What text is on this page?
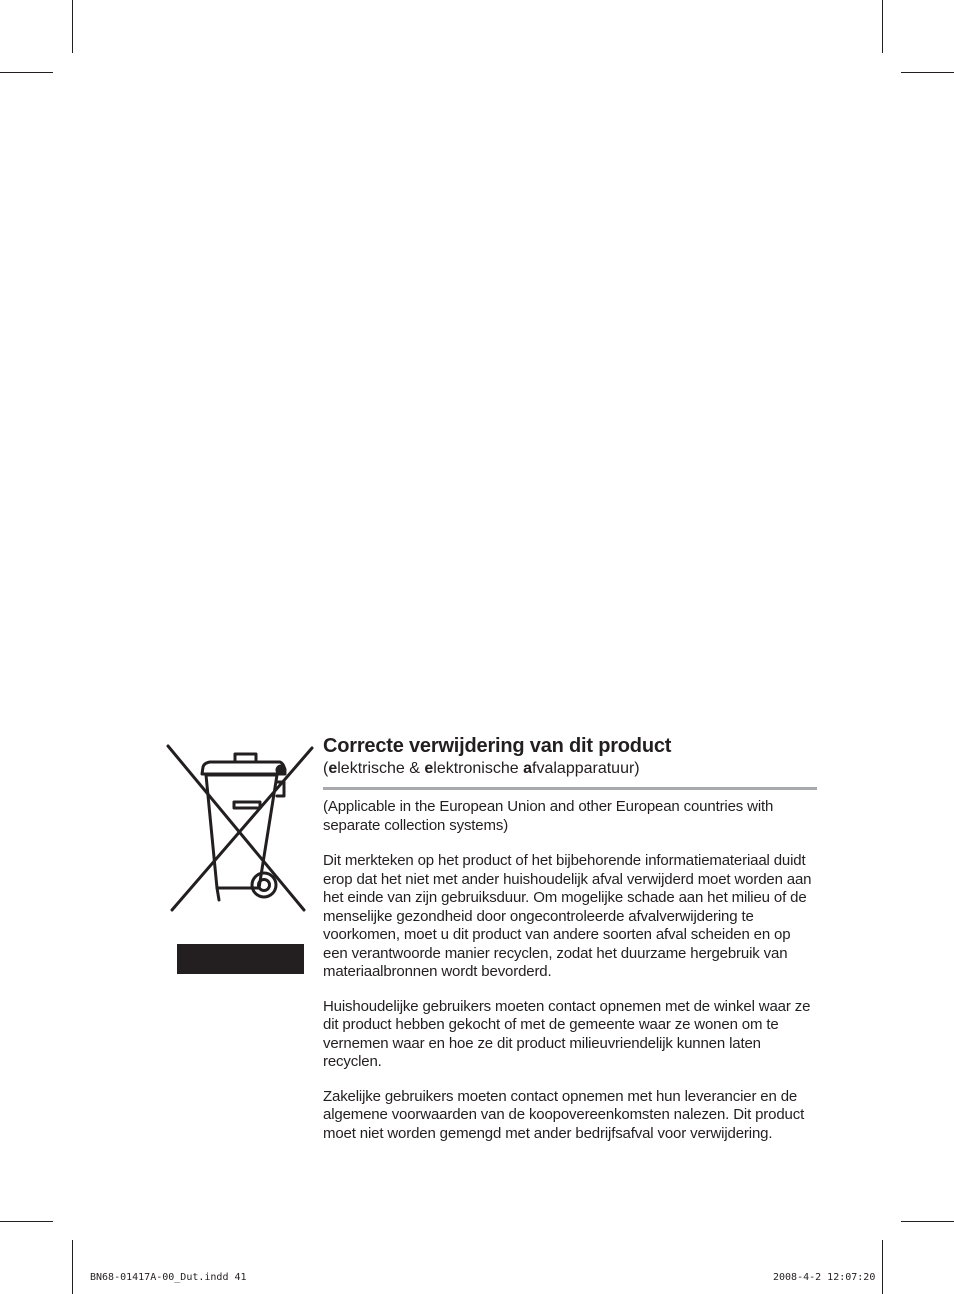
Correcte verwijdering van dit product

(elektrische & elektronische afvalapparatuur)

(Applicable in the European Union and other European countries with separate collection systems)

Dit merkteken op het product of het bijbehorende informatiemateriaal duidt erop dat het niet met ander huishoudelijk afval verwijderd moet worden aan het einde van zijn gebruiksduur. Om mogelijke schade aan het milieu of de menselijke gezondheid door ongecontroleerde afvalverwijdering te voorkomen, moet u dit product van andere soorten afval scheiden en op een verantwoorde manier recyclen, zodat het duurzame hergebruik van materiaalbronnen wordt bevorderd.

Huishoudelijke gebruikers moeten contact opnemen met de winkel waar ze dit product hebben gekocht of met de gemeente waar ze wonen om te vernemen waar en hoe ze dit product milieuvriendelijk kunnen laten recyclen.

Zakelijke gebruikers moeten contact opnemen met hun leverancier en de algemene voorwaarden van de koopovereenkomsten nalezen. Dit product moet niet worden gemengd met ander bedrijfsafval voor verwijdering.

BN68-01417A-00_Dut.indd 41	2008-4-2 12:07:20
